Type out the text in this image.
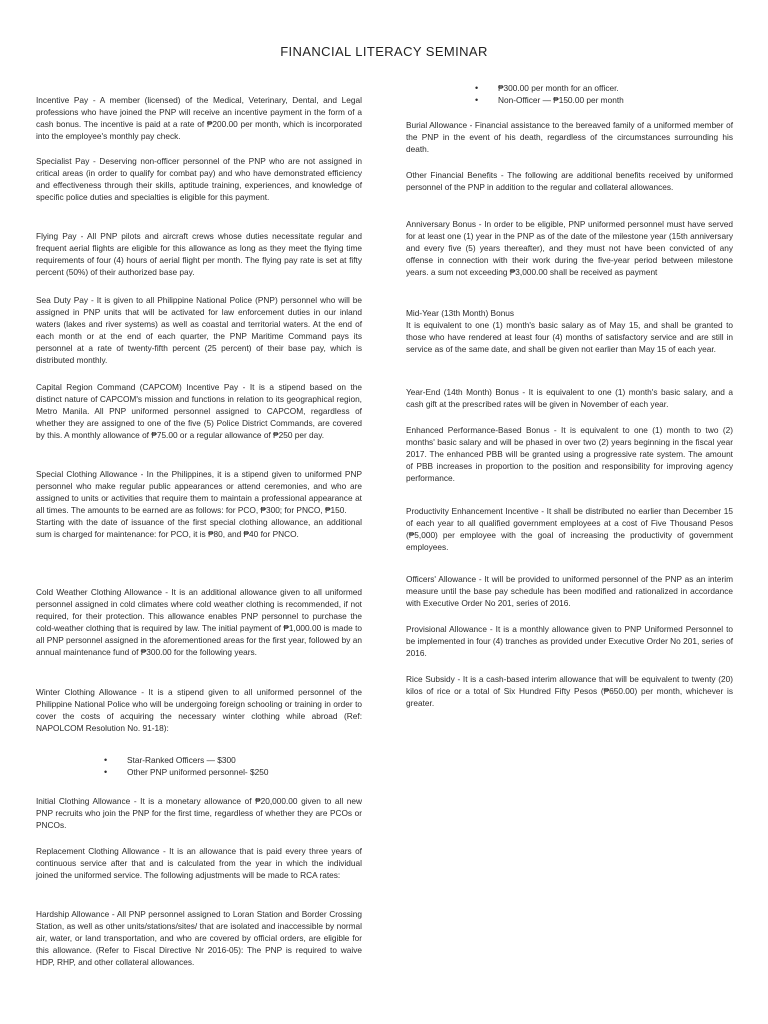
FINANCIAL LITERACY SEMINAR

Incentive Pay - A member (licensed) of the Medical, Veterinary, Dental, and Legal professions who have joined the PNP will receive an incentive payment in the form of a cash bonus. The incentive is paid at a rate of ₱200.00 per month, which is incorporated into the employee's monthly pay check.

Specialist Pay - Deserving non-officer personnel of the PNP who are not assigned in critical areas (in order to qualify for combat pay) and who have demonstrated efficiency and effectiveness through their skills, aptitude training, experiences, and knowledge of specific police duties and specialties is eligible for this payment.

Flying Pay - All PNP pilots and aircraft crews whose duties necessitate regular and frequent aerial flights are eligible for this allowance as long as they meet the flying time requirements of four (4) hours of aerial flight per month. The flying pay rate is set at fifty percent (50%) of their authorized base pay.

Sea Duty Pay - It is given to all Philippine National Police (PNP) personnel who will be assigned in PNP units that will be activated for law enforcement duties in our inland waters (lakes and river systems) as well as coastal and territorial waters. At the end of each month or at the end of each quarter, the PNP Maritime Command pays its personnel at a rate of twenty-fifth percent (25 percent) of their base pay, which is distributed monthly.

Capital Region Command (CAPCOM) Incentive Pay - It is a stipend based on the distinct nature of CAPCOM's mission and functions in relation to its geographical region, Metro Manila. All PNP uniformed personnel assigned to CAPCOM, regardless of whether they are assigned to one of the five (5) Police District Commands, are covered by this. A monthly allowance of ₱75.00 or a regular allowance of ₱250 per day.

Special Clothing Allowance - In the Philippines, it is a stipend given to uniformed PNP personnel who make regular public appearances or attend ceremonies, and who are assigned to units or activities that require them to maintain a professional appearance at all times. The amounts to be earned are as follows: for PCO, ₱300; for PNCO, ₱150.

Starting with the date of issuance of the first special clothing allowance, an additional sum is charged for maintenance: for PCO, it is ₱80, and ₱40 for PNCO.

Cold Weather Clothing Allowance - It is an additional allowance given to all uniformed personnel assigned in cold climates where cold weather clothing is recommended, if not required, for their protection. This allowance enables PNP personnel to purchase the cold-weather clothing that is required by law. The initial payment of ₱1,000.00 is made to all PNP personnel assigned in the aforementioned areas for the first year, followed by an annual maintenance fund of ₱300.00 for the following years.

Winter Clothing Allowance - It is a stipend given to all uniformed personnel of the Philippine National Police who will be undergoing foreign schooling or training in order to cover the costs of acquiring the necessary winter clothing while abroad (Ref: NAPOLCOM Resolution No. 91-18):

• Star-Ranked Officers — $300
• Other PNP uniformed personnel- $250

Initial Clothing Allowance - It is a monetary allowance of ₱20,000.00 given to all new PNP recruits who join the PNP for the first time, regardless of whether they are PCOs or PNCOs.

Replacement Clothing Allowance - It is an allowance that is paid every three years of continuous service after that and is calculated from the year in which the individual joined the uniformed service. The following adjustments will be made to RCA rates:

Hardship Allowance - All PNP personnel assigned to Loran Station and Border Crossing Station, as well as other units/stations/sites/ that are isolated and inaccessible by normal air, water, or land transportation, and who are covered by official orders, are eligible for this allowance. (Refer to Fiscal Directive Nr 2016-05): The PNP is required to waive HDP, RHP, and other collateral allowances.

• ₱300.00 per month for an officer.
• Non-Officer — ₱150.00 per month

Burial Allowance - Financial assistance to the bereaved family of a uniformed member of the PNP in the event of his death, regardless of the circumstances surrounding his death.

Other Financial Benefits - The following are additional benefits received by uniformed personnel of the PNP in addition to the regular and collateral allowances.

Anniversary Bonus - In order to be eligible, PNP uniformed personnel must have served for at least one (1) year in the PNP as of the date of the milestone year (15th anniversary and every five (5) years thereafter), and they must not have been convicted of any offense in connection with their work during the five-year period between milestone years. a sum not exceeding ₱3,000.00 shall be received as payment

Mid-Year (13th Month) Bonus

It is equivalent to one (1) month's basic salary as of May 15, and shall be granted to those who have rendered at least four (4) months of satisfactory service and are still in service as of the same date, and shall be given not earlier than May 15 of each year.

Year-End (14th Month) Bonus - It is equivalent to one (1) month's basic salary, and a cash gift at the prescribed rates will be given in November of each year.

Enhanced Performance-Based Bonus - It is equivalent to one (1) month to two (2) months' basic salary and will be phased in over two (2) years beginning in the fiscal year 2017. The enhanced PBB will be granted using a progressive rate system. The amount of PBB increases in proportion to the position and responsibility for improving agency performance.

Productivity Enhancement Incentive - It shall be distributed no earlier than December 15 of each year to all qualified government employees at a cost of Five Thousand Pesos (₱5,000) per employee with the goal of increasing the productivity of government employees.

Officers' Allowance - It will be provided to uniformed personnel of the PNP as an interim measure until the base pay schedule has been modified and rationalized in accordance with Executive Order No 201, series of 2016.

Provisional Allowance - It is a monthly allowance given to PNP Uniformed Personnel to be implemented in four (4) tranches as provided under Executive Order No 201, series of 2016.

Rice Subsidy - It is a cash-based interim allowance that will be equivalent to twenty (20) kilos of rice or a total of Six Hundred Fifty Pesos (₱650.00) per month, whichever is greater.
